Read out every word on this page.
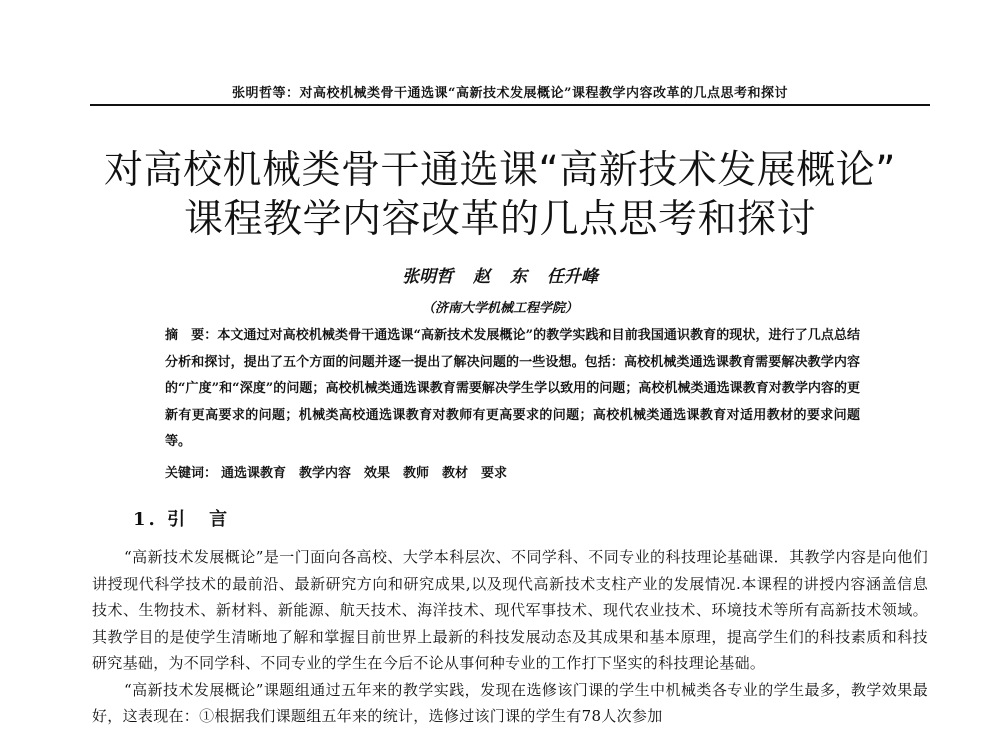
张明哲等：对高校机械类骨干通选课“高新技术发展概论”课程教学内容改革的几点思考和探讨
对高校机械类骨干通选课“高新技术发展概论”
课程教学内容改革的几点思考和探讨
张明哲 赵 东 任升峰
（济南大学机械工程学院）
摘　要：本文通过对高校机械类骨干通选课“高新技术发展概论”的教学实践和目前我国通识教育的现状，进行了几点总结分析和探讨，提出了五个方面的问题并逐一提出了解决问题的一些设想。包括：高校机械类通选课教育需要解决教学内容的“广度”和“深度”的问题；高校机械类通选课教育需要解决学生学以致用的问题；高校机械类通选课教育对教学内容的更新有更高要求的问题；机械类高校通选课教育对教师有更高要求的问题；高校机械类通选课教育对适用教材的要求问题等。
关键词： 通选课教育　教学内容　效果　教师　教材　要求
1. 引　言

“高新技术发展概论”是一门面向各高校、大学本科层次、不同学科、不同专业的科技理论基础课．其教学内容是向他们讲授现代科学技术的最前沿、最新研究方向和研究成果,以及现代高新技术支柱产业的发展情况.本课程的讲授内容涵盖信息技术、生物技术、新材料、新能源、航天技术、海洋技术、现代军事技术、现代农业技术、环境技术等所有高新技术领域。其教学目的是使学生清晰地了解和掌握目前世界上最新的科技发展动态及其成果和基本原理，提高学生们的科技素质和科技研究基础，为不同学科、不同专业的学生在今后不论从事何种专业的工作打下坚实的科技理论基础。

“高新技术发展概论”课题组通过五年来的教学实践，发现在选修该门课的学生中机械类各专业的学生最多，教学效果最好，这表现在：①根据我们课题组五年来的统计，选修过该门课的学生有78人次参加
